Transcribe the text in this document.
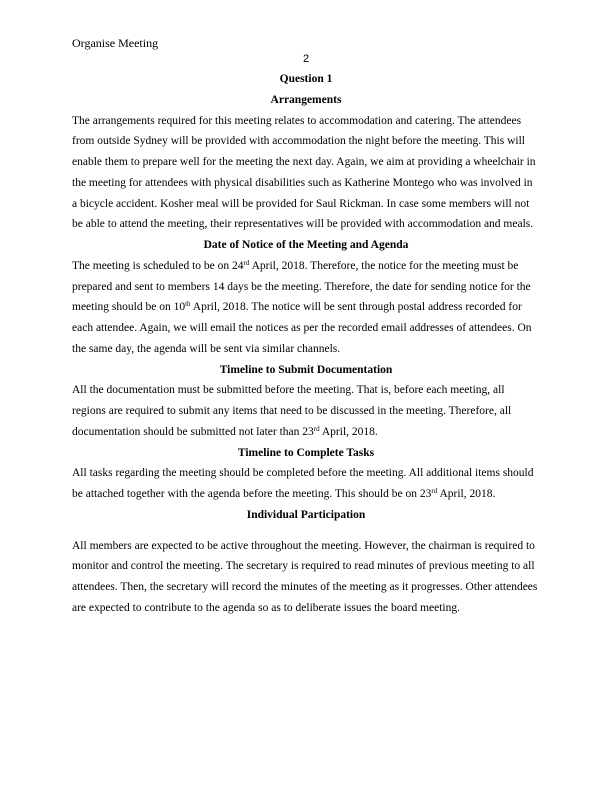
Organise Meeting
2
Question 1
Arrangements

The arrangements required for this meeting relates to accommodation and catering. The attendees from outside Sydney will be provided with accommodation the night before the meeting. This will enable them to prepare well for the meeting the next day. Again, we aim at providing a wheelchair in the meeting for attendees with physical disabilities such as Katherine Montego who was involved in a bicycle accident. Kosher meal will be provided for Saul Rickman. In case some members will not be able to attend the meeting, their representatives will be provided with accommodation and meals.

Date of Notice of the Meeting and Agenda

The meeting is scheduled to be on 24rd April, 2018. Therefore, the notice for the meeting must be prepared and sent to members 14 days be the meeting. Therefore, the date for sending notice for the meeting should be on 10th April, 2018. The notice will be sent through postal address recorded for each attendee. Again, we will email the notices as per the recorded email addresses of attendees. On the same day, the agenda will be sent via similar channels.

Timeline to Submit Documentation

All the documentation must be submitted before the meeting. That is, before each meeting, all regions are required to submit any items that need to be discussed in the meeting. Therefore, all documentation should be submitted not later than 23rd April, 2018.

Timeline to Complete Tasks

All tasks regarding the meeting should be completed before the meeting. All additional items should be attached together with the agenda before the meeting. This should be on 23rd April, 2018.

Individual Participation

All members are expected to be active throughout the meeting. However, the chairman is required to monitor and control the meeting. The secretary is required to read minutes of previous meeting to all attendees. Then, the secretary will record the minutes of the meeting as it progresses. Other attendees are expected to contribute to the agenda so as to deliberate issues the board meeting.
